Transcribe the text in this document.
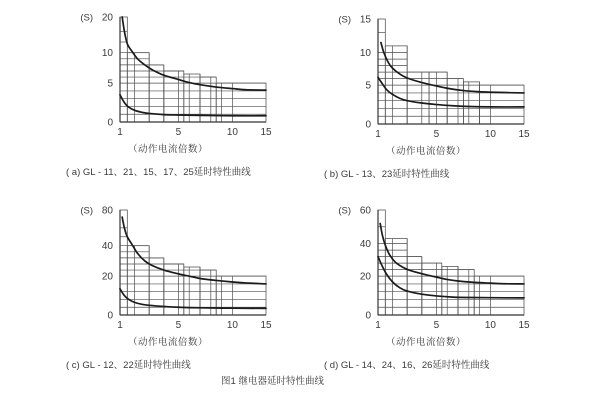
0
5
10
20
(S)
1	5	10 15
（动作电流倍数）
( a) GL - 11、21、15、17、25延时特性曲线
0
5
10
15
(S)
1	5	10 15
（动作电流倍数）
( b) GL - 13、23延时特性曲线
0
20
40
80
(S)
1	5	10 15
（动作电流倍数）
( c) GL - 12、22延时特性曲线
0
20
40
60
(S)
1	5	10 15
（动作电流倍数）
( d) GL - 14、24、16、26延时特性曲线
图1 继电器延时特性曲线
